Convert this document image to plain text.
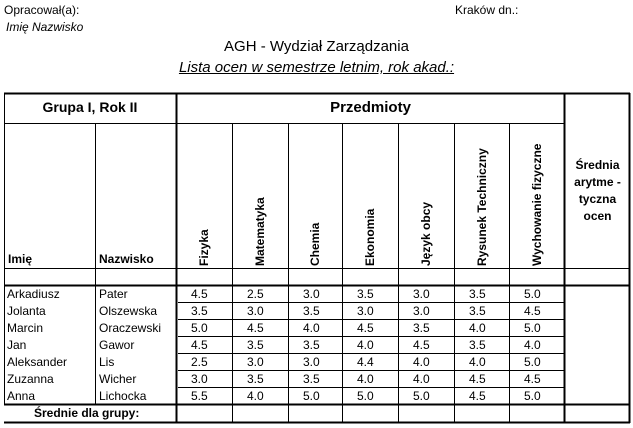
Opracował(a):
Imię Nazwisko
Kraków dn.:
AGH - Wydział Zarządzania
Lista ocen w semestrze letnim, rok akad.:
Grupa I, Rok II	Przedmioty
Imię	Nazwisko	Fizyka	Matematyka	Chemia	Ekonomia	Język obcy	Rysunek Techniczny	Wychowanie fizyczne	Średnia
arytme -
tyczna
ocen
Arkadiusz	Pater	4.5	2.5	3.0	3.5	3.0	3.5	5.0
Jolanta	Olszewska	3.5	3.0	3.5	3.0	3.0	3.5	4.5
Marcin	Oraczewski 5.0	4.5	4.0	4.5	3.5	4.0	5.0
Jan	Gawor	4.5	3.5	3.5	4.0	4.5	3.5	4.0
Aleksander	Lis	2.5	3.0	3.0	4.4	4.0	4.0	5.0
Zuzanna	Wicher	3.0	3.5	3.5	4.0	4.0	4.5	4.5
Anna	Lichocka	5.5	4.0	5.0	5.0	5.0	4.5	5.0
Średnie dla grupy:
